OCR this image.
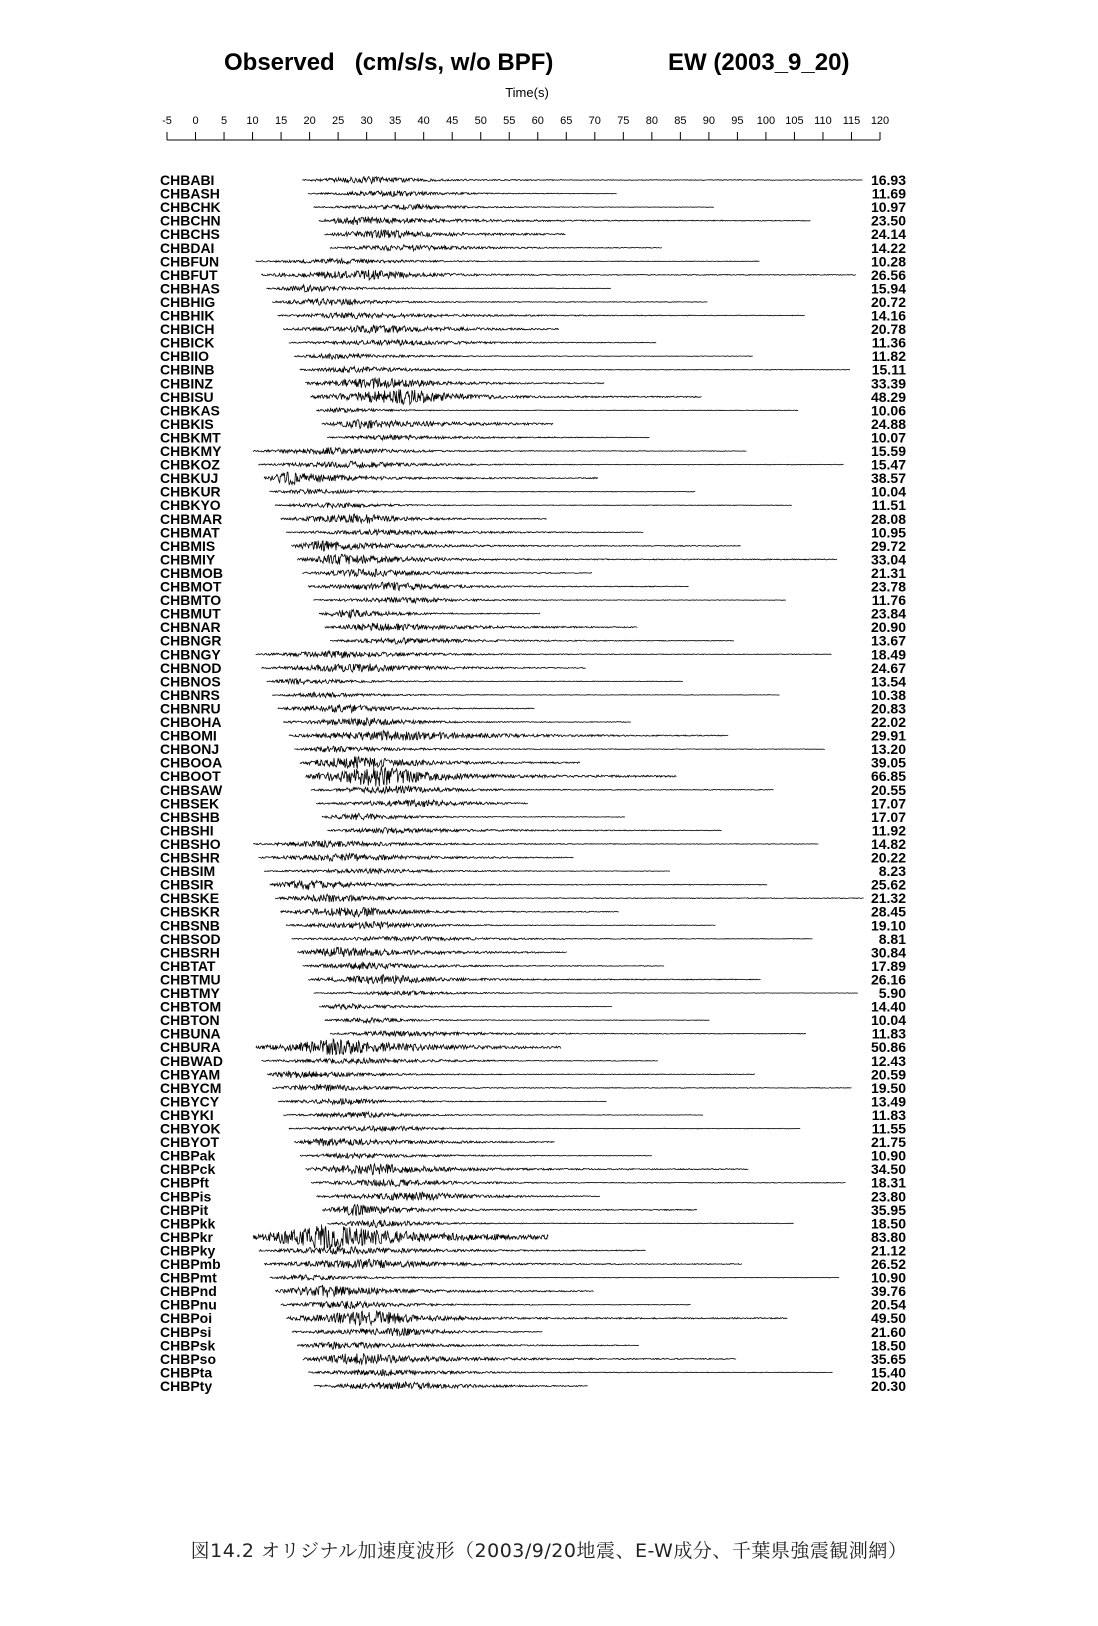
Observed   (cm/s/s, w/o BPF)	EW (2003_9_20)
Time(s)
-5 0 5 10 15 20 25 30 35 40 45 50 55 60 65 70 75 80 85 90 95 100 105 110 115 120
CHBABI
CHBASH
CHBCHK
CHBCHN
CHBCHS
CHBDAI
CHBFUN
CHBFUT
CHBHAS
CHBHIG
CHBHIK
CHBICH
CHBICK
CHBIIO
CHBINB
CHBINZ
CHBISU
CHBKAS
CHBKIS
CHBKMT
CHBKMY
CHBKOZ
CHBKUJ
CHBKUR
CHBKYO
CHBMAR
CHBMAT
CHBMIS
CHBMIY
CHBMOB
CHBMOT
CHBMTO
CHBMUT
CHBNAR
CHBNGR
CHBNGY
CHBNOD
CHBNOS
CHBNRS
CHBNRU
CHBOHA
CHBOMI
CHBONJ
CHBOOA
CHBOOT
CHBSAW
CHBSEK
CHBSHB
CHBSHI
CHBSHO
CHBSHR
CHBSIM
CHBSIR
CHBSKE
CHBSKR
CHBSNB
CHBSOD
CHBSRH
CHBTAT
CHBTMU
CHBTMY
CHBTOM
CHBTON
CHBUNA
CHBURA
CHBWAD
CHBYAM
CHBYCM
CHBYCY
CHBYKI
CHBYOK
CHBYOT
CHBPak
CHBPck
CHBPft
CHBPis
CHBPit
CHBPkk
CHBPkr
CHBPky
CHBPmb
CHBPmt
CHBPnd
CHBPnu
CHBPoi
CHBPsi
CHBPsk
CHBPso
CHBPta
CHBPty
16.93
11.69
10.97
23.50
24.14
14.22
10.28
26.56
15.94
20.72
14.16
20.78
11.36
11.82
15.11
33.39
48.29
10.06
24.88
10.07
15.59
15.47
38.57
10.04
11.51
28.08
10.95
29.72
33.04
21.31
23.78
11.76
23.84
20.90
13.67
18.49
24.67
13.54
10.38
20.83
22.02
29.91
13.20
39.05
66.85
20.55
17.07
17.07
11.92
14.82
20.22
8.23
25.62
21.32
28.45
19.10
8.81
30.84
17.89
26.16
5.90
14.40
10.04
11.83
50.86
12.43
20.59
19.50
13.49
11.83
11.55
21.75
10.90
34.50
18.31
23.80
35.95
18.50
83.80
21.12
26.52
10.90
39.76
20.54
49.50
21.60
18.50
35.65
15.40
20.30
図14.2 オリジナル加速度波形（2003/9/20地震、E-W成分、千葉県強震観測網）
